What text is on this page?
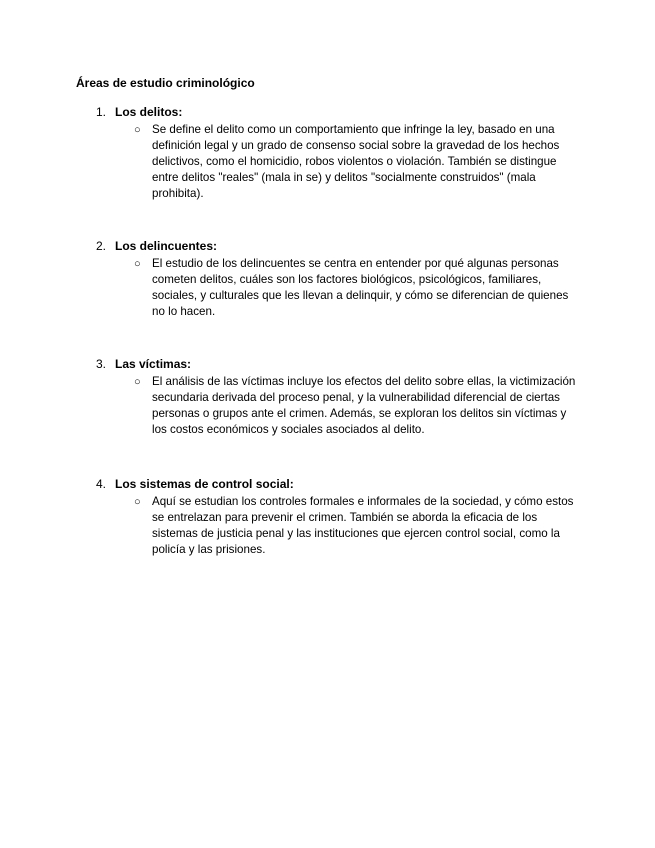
Áreas de estudio criminológico
1. Los delitos:
○ Se define el delito como un comportamiento que infringe la ley, basado en una definición legal y un grado de consenso social sobre la gravedad de los hechos delictivos, como el homicidio, robos violentos o violación. También se distingue entre delitos "reales" (mala in se) y delitos "socialmente construidos" (mala prohibita).
2. Los delincuentes:
○ El estudio de los delincuentes se centra en entender por qué algunas personas cometen delitos, cuáles son los factores biológicos, psicológicos, familiares, sociales, y culturales que les llevan a delinquir, y cómo se diferencian de quienes no lo hacen.
3. Las víctimas:
○ El análisis de las víctimas incluye los efectos del delito sobre ellas, la victimización secundaria derivada del proceso penal, y la vulnerabilidad diferencial de ciertas personas o grupos ante el crimen. Además, se exploran los delitos sin víctimas y los costos económicos y sociales asociados al delito.
4. Los sistemas de control social:
○ Aquí se estudian los controles formales e informales de la sociedad, y cómo estos se entrelazan para prevenir el crimen. También se aborda la eficacia de los sistemas de justicia penal y las instituciones que ejercen control social, como la policía y las prisiones.
